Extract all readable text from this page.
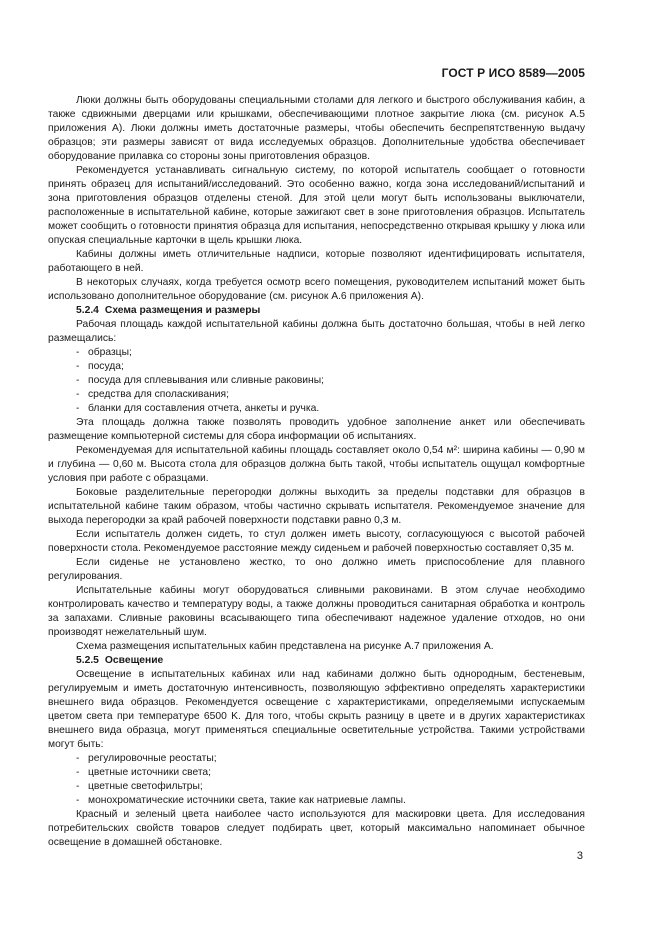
ГОСТ Р ИСО 8589—2005

Люки должны быть оборудованы специальными столами для легкого и быстрого обслуживания кабин, а также сдвижными дверцами или крышками, обеспечивающими плотное закрытие люка (см. рисунок А.5 приложения А). Люки должны иметь достаточные размеры, чтобы обеспечить беспрепятственную выдачу образцов; эти размеры зависят от вида исследуемых образцов. Дополнительные удобства обеспечивает оборудование прилавка со стороны зоны приготовления образцов.

Рекомендуется устанавливать сигнальную систему, по которой испытатель сообщает о готовности принять образец для испытаний/исследований. Это особенно важно, когда зона исследований/испытаний и зона приготовления образцов отделены стеной. Для этой цели могут быть использованы выключатели, расположенные в испытательной кабине, которые зажигают свет в зоне приготовления образцов. Испытатель может сообщить о готовности принятия образца для испытания, непосредственно открывая крышку у люка или опуская специальные карточки в щель крышки люка.

Кабины должны иметь отличительные надписи, которые позволяют идентифицировать испытателя, работающего в ней.

В некоторых случаях, когда требуется осмотр всего помещения, руководителем испытаний может быть использовано дополнительное оборудование (см. рисунок А.6 приложения А).

5.2.4 Схема размещения и размеры

Рабочая площадь каждой испытательной кабины должна быть достаточно большая, чтобы в ней легко размещались:

- образцы;
- посуда;
- посуда для сплевывания или сливные раковины;
- средства для споласкивания;
- бланки для составления отчета, анкеты и ручка.

Эта площадь должна также позволять проводить удобное заполнение анкет или обеспечивать размещение компьютерной системы для сбора информации об испытаниях.

Рекомендуемая для испытательной кабины площадь составляет около 0,54 м²: ширина кабины — 0,90 м и глубина — 0,60 м. Высота стола для образцов должна быть такой, чтобы испытатель ощущал комфортные условия при работе с образцами.

Боковые разделительные перегородки должны выходить за пределы подставки для образцов в испытательной кабине таким образом, чтобы частично скрывать испытателя. Рекомендуемое значение для выхода перегородки за край рабочей поверхности подставки равно 0,3 м.

Если испытатель должен сидеть, то стул должен иметь высоту, согласующуюся с высотой рабочей поверхности стола. Рекомендуемое расстояние между сиденьем и рабочей поверхностью составляет 0,35 м.

Если сиденье не установлено жестко, то оно должно иметь приспособление для плавного регулирования.

Испытательные кабины могут оборудоваться сливными раковинами. В этом случае необходимо контролировать качество и температуру воды, а также должны проводиться санитарная обработка и контроль за запахами. Сливные раковины всасывающего типа обеспечивают надежное удаление отходов, но они производят нежелательный шум.

Схема размещения испытательных кабин представлена на рисунке А.7 приложения А.

5.2.5 Освещение

Освещение в испытательных кабинах или над кабинами должно быть однородным, бестеневым, регулируемым и иметь достаточную интенсивность, позволяющую эффективно определять характеристики внешнего вида образцов. Рекомендуется освещение с характеристиками, определяемыми испускаемым цветом света при температуре 6500 K. Для того, чтобы скрыть разницу в цвете и в других характеристиках внешнего вида образца, могут применяться специальные осветительные устройства. Такими устройствами могут быть:

- регулировочные реостаты;
- цветные источники света;
- цветные светофильтры;
- монохроматические источники света, такие как натриевые лампы.

Красный и зеленый цвета наиболее часто используются для маскировки цвета. Для исследования потребительских свойств товаров следует подбирать цвет, который максимально напоминает обычное освещение в домашней обстановке.

3
